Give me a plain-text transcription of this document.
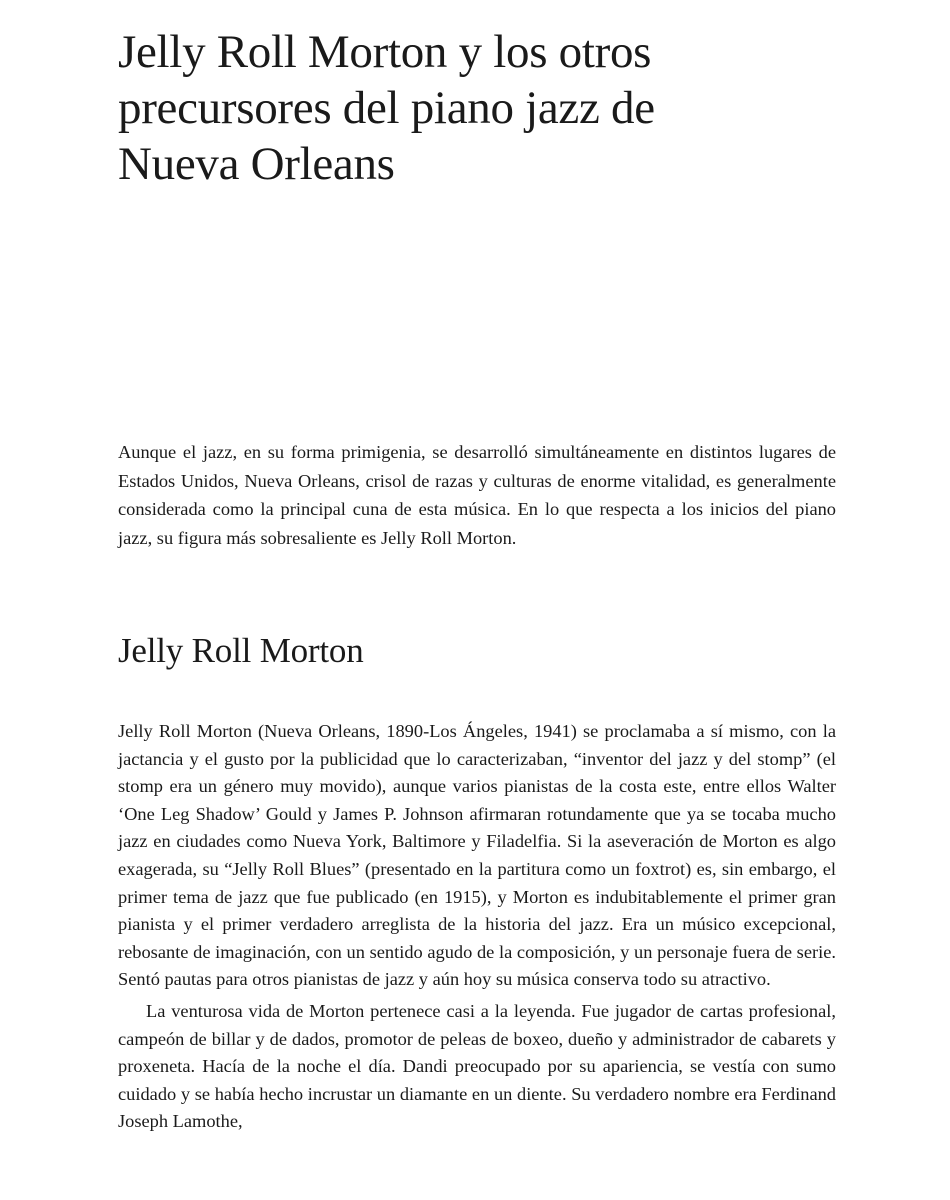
Jelly Roll Morton y los otros precursores del piano jazz de Nueva Orleans

Aunque el jazz, en su forma primigenia, se desarrolló simultáneamente en distintos lugares de Estados Unidos, Nueva Orleans, crisol de razas y culturas de enorme vitalidad, es generalmente considerada como la principal cuna de esta música. En lo que respecta a los inicios del piano jazz, su figura más sobresaliente es Jelly Roll Morton.

Jelly Roll Morton

Jelly Roll Morton (Nueva Orleans, 1890-Los Ángeles, 1941) se proclamaba a sí mismo, con la jactancia y el gusto por la publicidad que lo caracterizaban, “inventor del jazz y del stomp” (el stomp era un género muy movido), aunque varios pianistas de la costa este, entre ellos Walter ‘One Leg Shadow’ Gould y James P. Johnson afirmaran rotundamente que ya se tocaba mucho jazz en ciudades como Nueva York, Baltimore y Filadelfia. Si la aseveración de Morton es algo exagerada, su “Jelly Roll Blues” (presentado en la partitura como un foxtrot) es, sin embargo, el primer tema de jazz que fue publicado (en 1915), y Morton es indubitablemente el primer gran pianista y el primer verdadero arreglista de la historia del jazz. Era un músico excepcional, rebosante de imaginación, con un sentido agudo de la composición, y un personaje fuera de serie. Sentó pautas para otros pianistas de jazz y aún hoy su música conserva todo su atractivo.

La venturosa vida de Morton pertenece casi a la leyenda. Fue jugador de cartas profesional, campeón de billar y de dados, promotor de peleas de boxeo, dueño y administrador de cabarets y proxeneta. Hacía de la noche el día. Dandi preocupado por su apariencia, se vestía con sumo cuidado y se había hecho incrustar un diamante en un diente. Su verdadero nombre era Ferdinand Joseph Lamothe,
